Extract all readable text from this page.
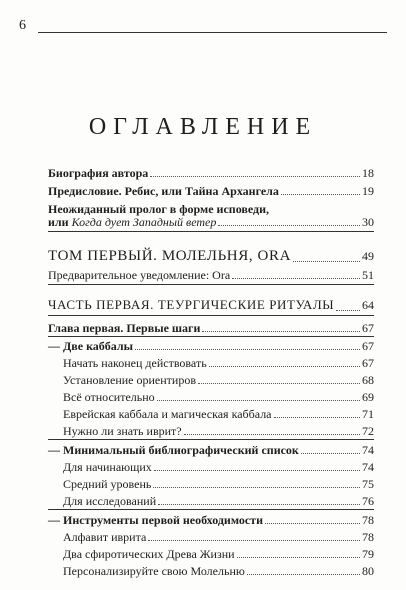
6
ОГЛАВЛЕНИЕ
Биография автора	18
Предисловие. Ребис, или Тайна Архангела	19
Неожиданный пролог в форме исповеди,
или Когда дует Западный ветер	30
ТОМ ПЕРВЫЙ. МОЛЕЛЬНЯ, ORA	49
Предварительное уведомление: Ora	51
ЧАСТЬ ПЕРВАЯ. ТЕУРГИЧЕСКИЕ РИТУАЛЫ 64
Глава первая. Первые шаги	67
— Две каббалы	67
Начать наконец действовать	67
Установление ориентиров	68
Всё относительно	69
Еврейская каббала и магическая каббала	71
Нужно ли знать иврит?	72
— Минимальный библиографический список	74
Для начинающих	74
Средний уровень	75
Для исследований	76
— Инструменты первой необходимости	78
Алфавит иврита	78
Два сфиротических Древа Жизни	79
Персонализируйте свою Молельню	80
